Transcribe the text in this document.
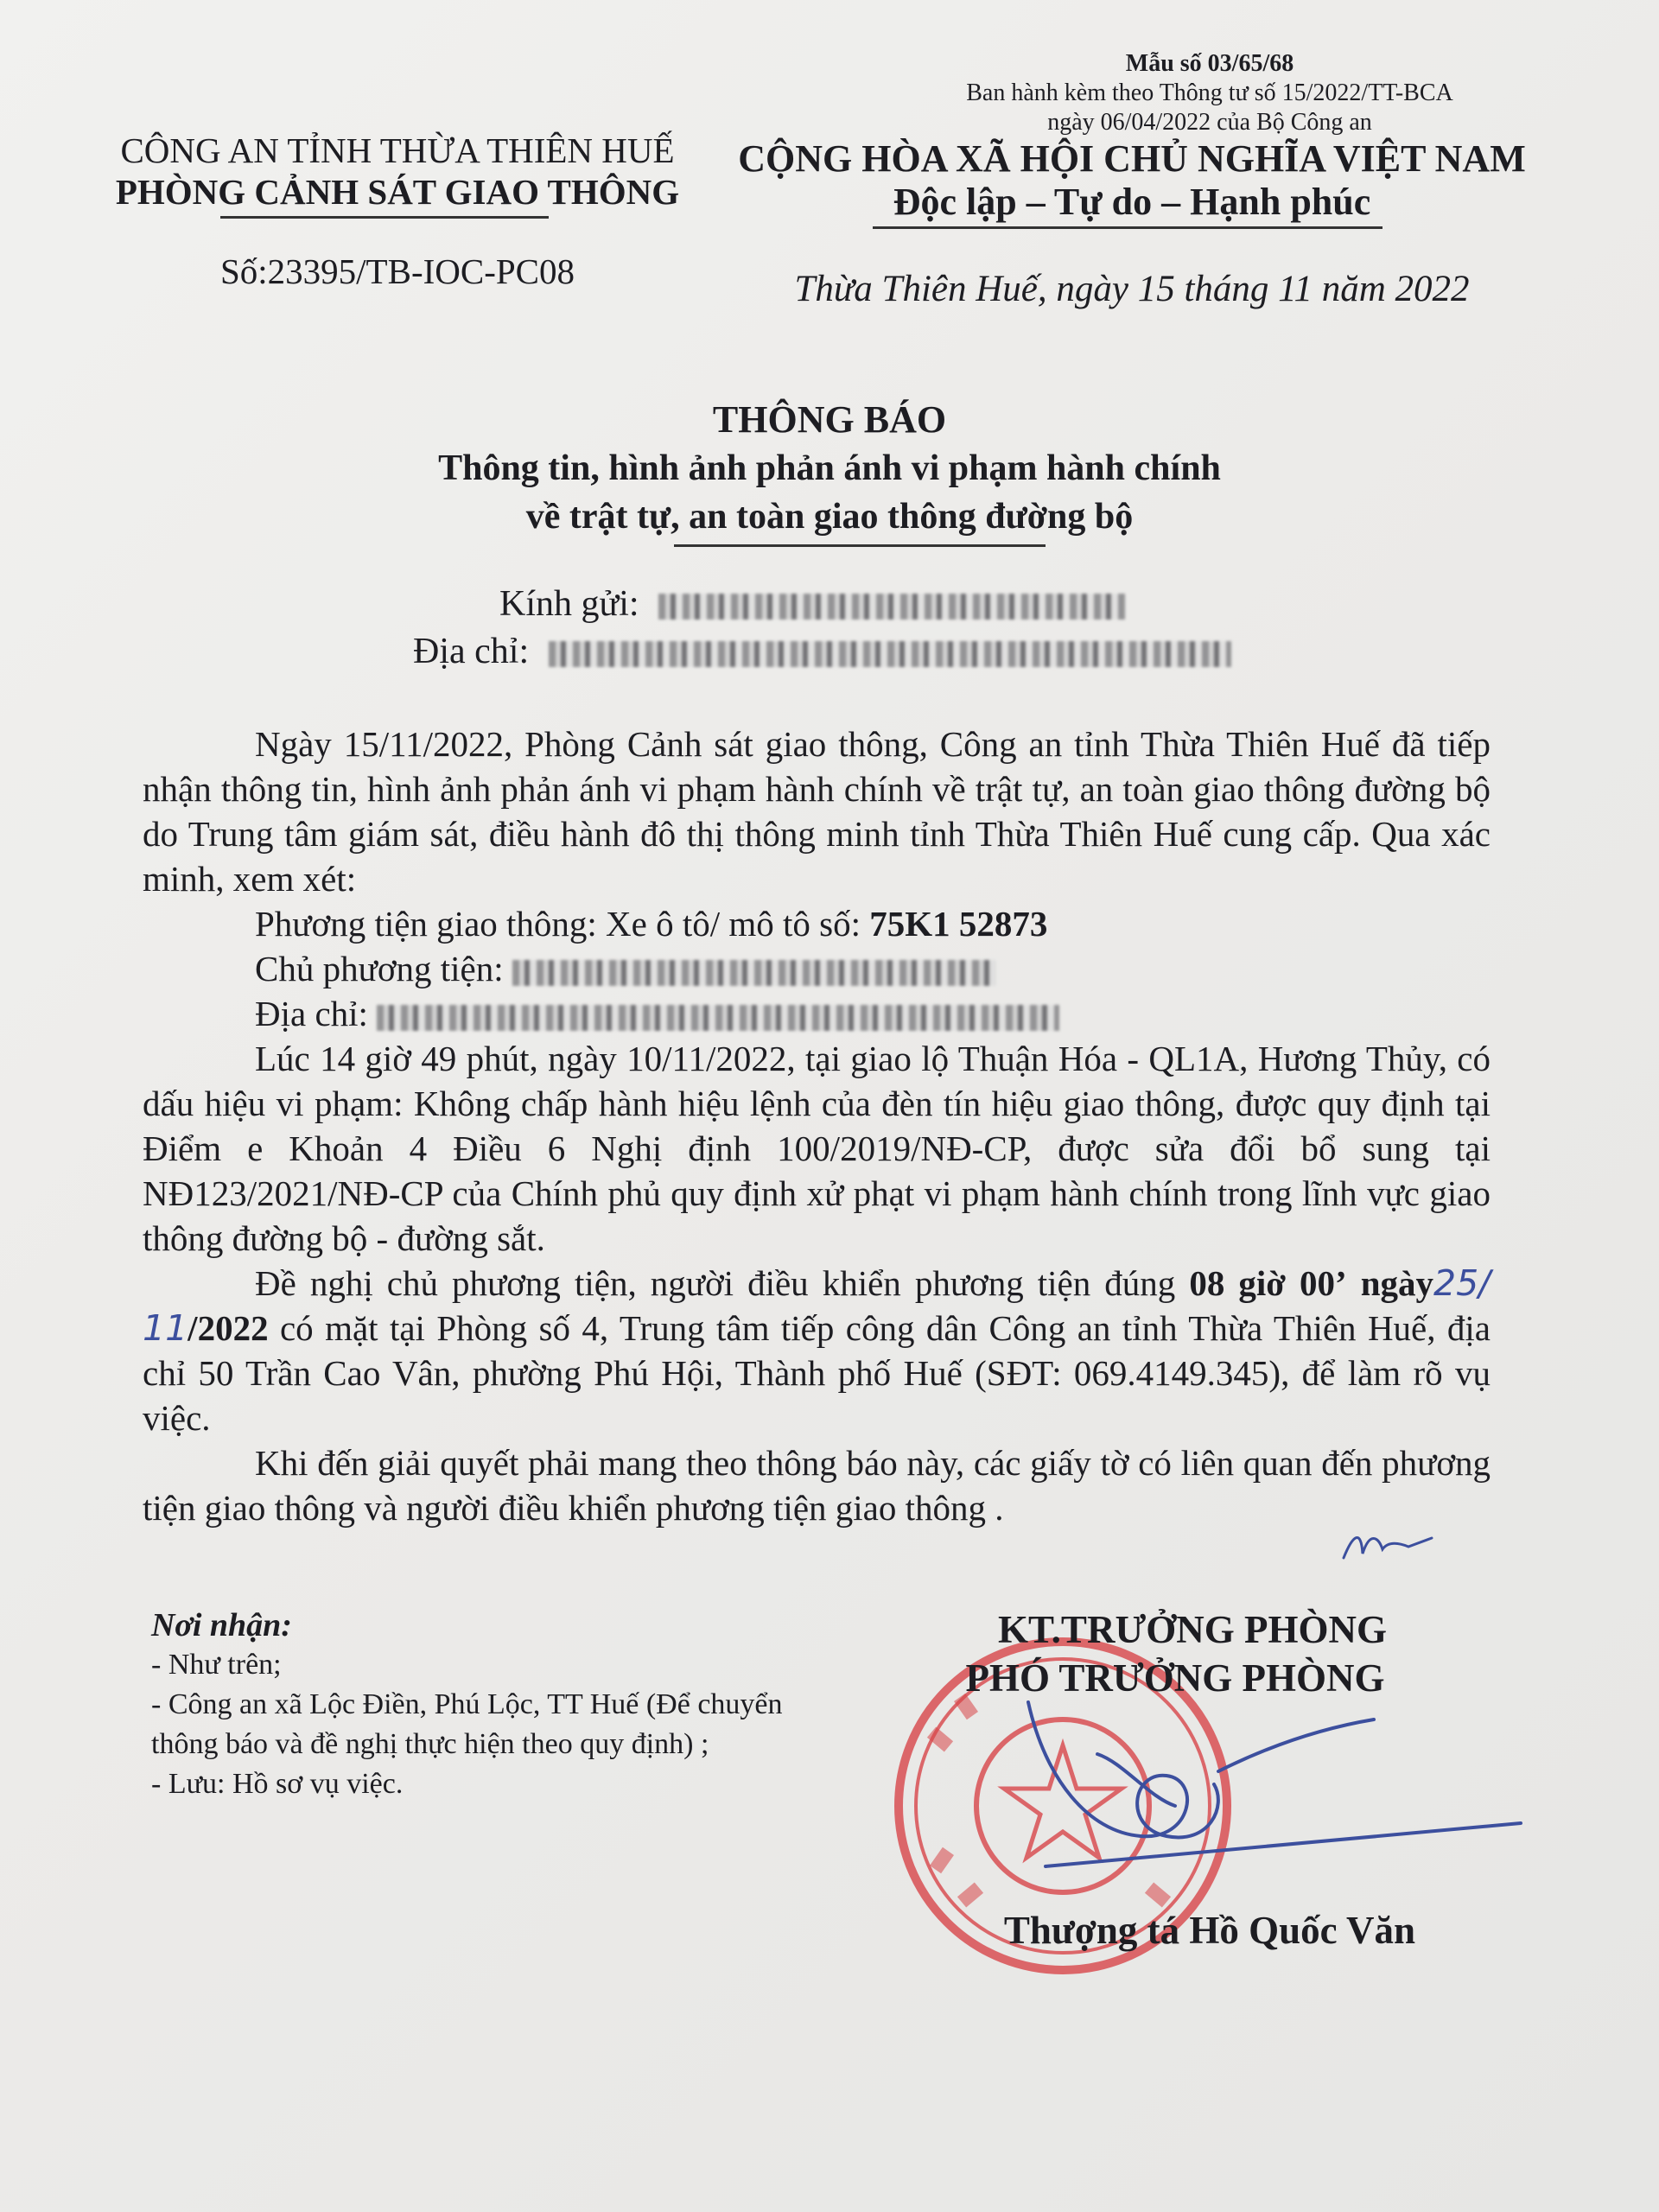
CÔNG AN TỈNH THỪA THIÊN HUẾ
PHÒNG CẢNH SÁT GIAO THÔNG
Số:23395/TB-IOC-PC08
Mẫu số 03/65/68
Ban hành kèm theo Thông tư số 15/2022/TT-BCA
ngày 06/04/2022 của Bộ Công an
CỘNG HÒA XÃ HỘI CHỦ NGHĨA VIỆT NAM
Độc lập – Tự do – Hạnh phúc
Thừa Thiên Huế, ngày 15 tháng 11 năm 2022
THÔNG BÁO
Thông tin, hình ảnh phản ánh vi phạm hành chính
về trật tự, an toàn giao thông đường bộ
Kính gửi:
Địa chỉ:

Ngày 15/11/2022, Phòng Cảnh sát giao thông, Công an tỉnh Thừa Thiên Huế đã tiếp nhận thông tin, hình ảnh phản ánh vi phạm hành chính về trật tự, an toàn giao thông đường bộ do Trung tâm giám sát, điều hành đô thị thông minh tỉnh Thừa Thiên Huế cung cấp. Qua xác minh, xem xét:

Phương tiện giao thông: Xe ô tô/ mô tô số: 75K1 52873

Chủ phương tiện:

Địa chỉ:

Lúc 14 giờ 49 phút, ngày 10/11/2022, tại giao lộ Thuận Hóa - QL1A, Hương Thủy, có dấu hiệu vi phạm: Không chấp hành hiệu lệnh của đèn tín hiệu giao thông, được quy định tại Điểm e Khoản 4 Điều 6 Nghị định 100/2019/NĐ-CP, được sửa đổi bổ sung tại NĐ123/2021/NĐ-CP của Chính phủ quy định xử phạt vi phạm hành chính trong lĩnh vực giao thông đường bộ - đường sắt.

Đề nghị chủ phương tiện, người điều khiển phương tiện đúng 08 giờ 00’ ngày25/ 11/2022 có mặt tại Phòng số 4, Trung tâm tiếp công dân Công an tỉnh Thừa Thiên Huế, địa chỉ 50 Trần Cao Vân, phường Phú Hội, Thành phố Huế (SĐT: 069.4149.345), để làm rõ vụ việc.

Khi đến giải quyết phải mang theo thông báo này, các giấy tờ có liên quan đến phương tiện giao thông và người điều khiển phương tiện giao thông .

Nơi nhận:
- Như trên;
- Công an xã Lộc Điền, Phú Lộc, TT Huế (Để chuyển thông báo và đề nghị thực hiện theo quy định) ;
- Lưu: Hồ sơ vụ việc.
KT.TRƯỞNG PHÒNG
PHÓ TRƯỞNG PHÒNG
Thượng tá Hồ Quốc Văn
